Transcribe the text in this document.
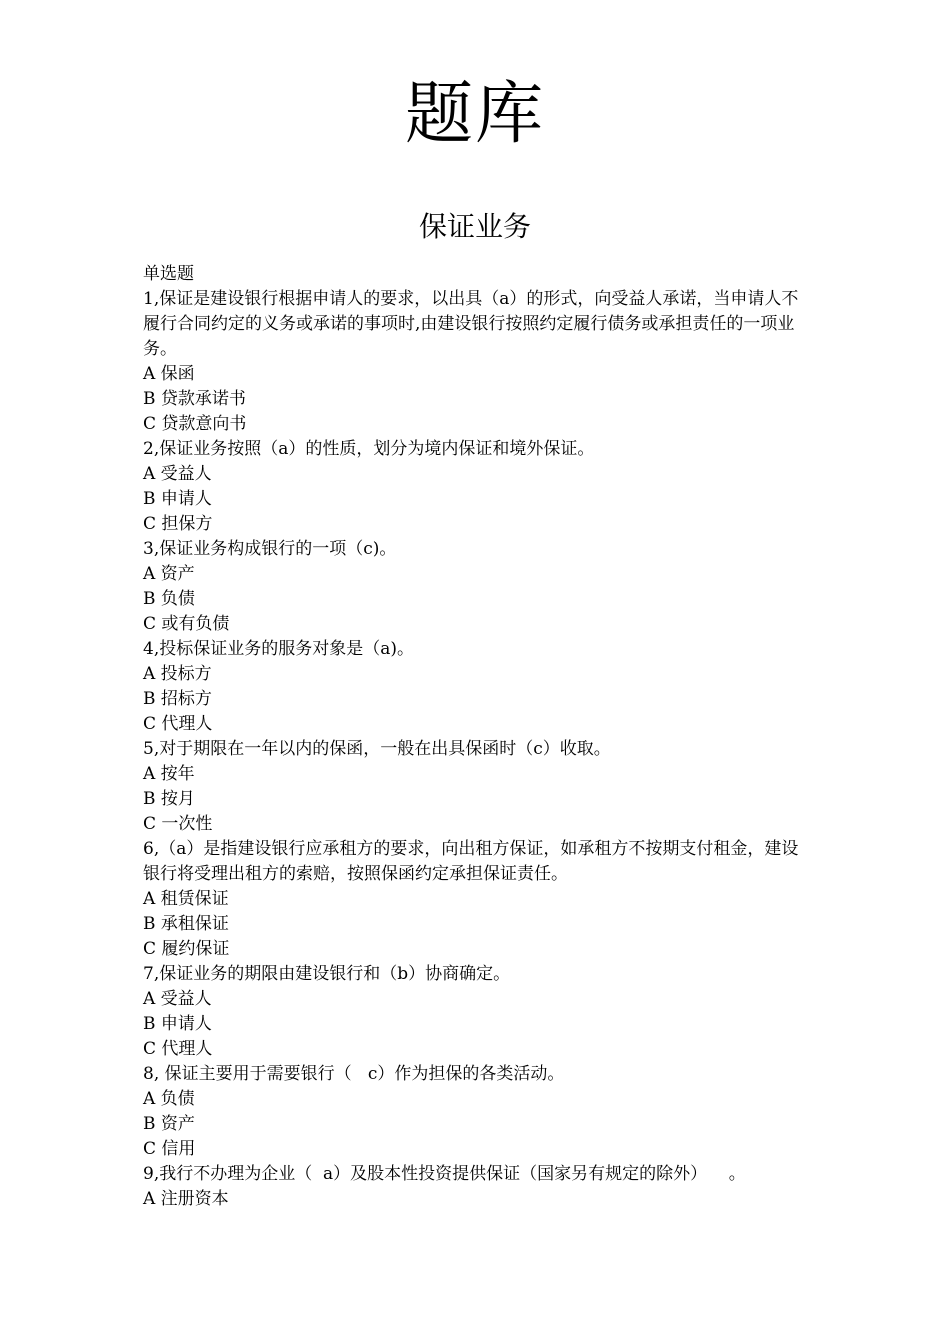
题库
保证业务
单选题
1,保证是建设银行根据申请人的要求，以出具（a）的形式，向受益人承诺，当申请人不履行合同约定的义务或承诺的事项时,由建设银行按照约定履行债务或承担责任的一项业务。
A 保函
B 贷款承诺书
C 贷款意向书
2,保证业务按照（a）的性质，划分为境内保证和境外保证。
A 受益人
B 申请人
C 担保方
3,保证业务构成银行的一项（c)。
A 资产
B 负债
C 或有负债
4,投标保证业务的服务对象是（a)。
A 投标方
B 招标方
C 代理人
5,对于期限在一年以内的保函，一般在出具保函时（c）收取。
A 按年
B 按月
C 一次性
6,（a）是指建设银行应承租方的要求，向出租方保证，如承租方不按期支付租金，建设银行将受理出租方的索赔，按照保函约定承担保证责任。
A 租赁保证
B 承租保证
C 履约保证
7,保证业务的期限由建设银行和（b）协商确定。
A 受益人
B 申请人
C 代理人
8, 保证主要用于需要银行（   c）作为担保的各类活动。
A 负债
B 资产
C 信用
9,我行不办理为企业（  a）及股本性投资提供保证（国家另有规定的除外）    。
A 注册资本
